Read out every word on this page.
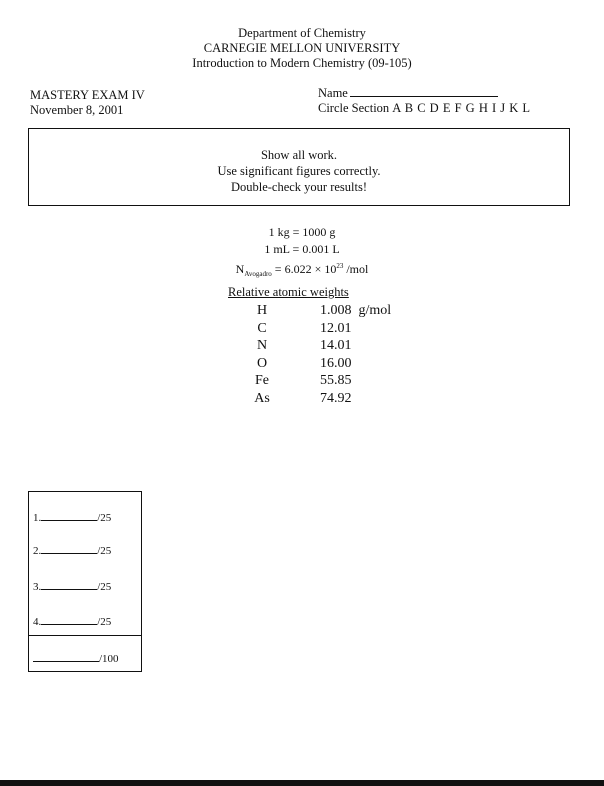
Department of Chemistry
CARNEGIE MELLON UNIVERSITY
Introduction to Modern Chemistry (09-105)
MASTERY EXAM IV
November 8, 2001
Name
Circle Section A B C D E F G H I J K L
Show all work.
Use significant figures correctly.
Double-check your results!
1 kg = 1000 g
1 mL = 0.001 L
$N_{Avogadro} = 6.022 \times 10^{23}$ /mol
Relative atomic weights
H	1.008 g/mol
C	12.01
N	14.01
O	16.00
Fe	55.85
As	74.92
1.	/25
2.	/25
3.	/25
4.	/25
/100
